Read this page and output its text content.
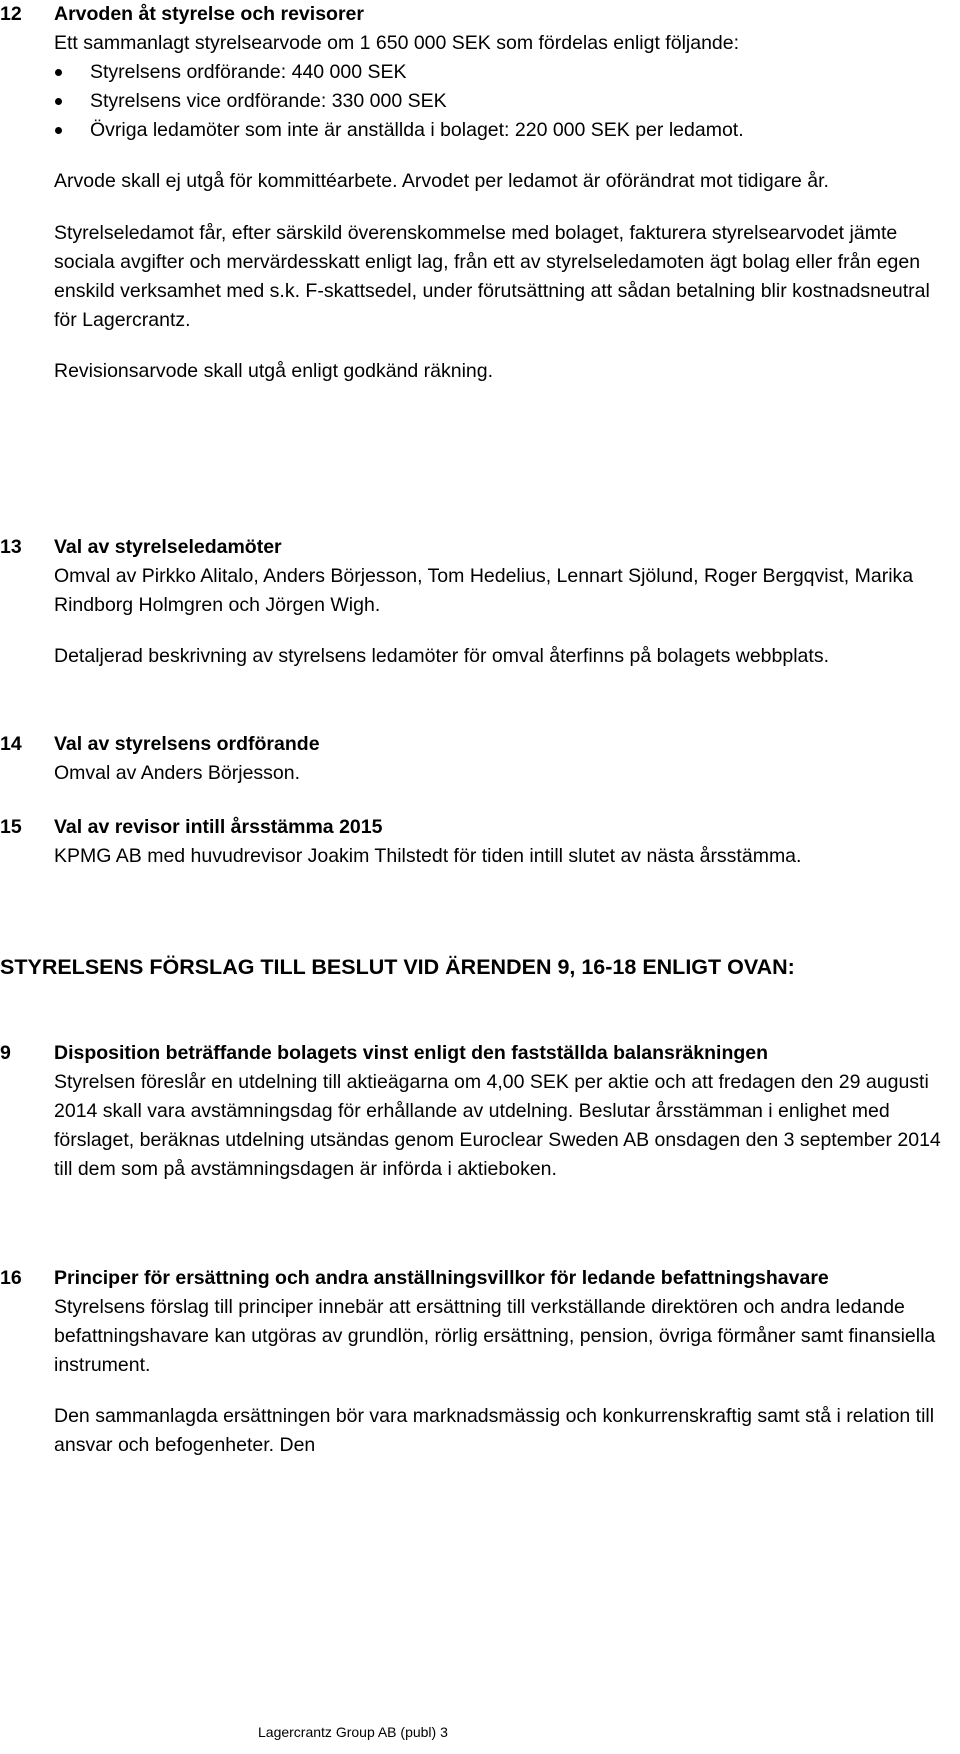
12 Arvoden åt styrelse och revisorer

Ett sammanlagt styrelsearvode om 1 650 000 SEK som fördelas enligt följande:

Styrelsens ordförande: 440 000 SEK
Styrelsens vice ordförande: 330 000 SEK
Övriga ledamöter som inte är anställda i bolaget: 220 000 SEK per ledamot.

Arvode skall ej utgå för kommittéarbete. Arvodet per ledamot är oförändrat mot tidigare år.

Styrelseledamot får, efter särskild överenskommelse med bolaget, fakturera styrelsearvodet jämte sociala avgifter och mervärdesskatt enligt lag, från ett av styrelseledamoten ägt bolag eller från egen enskild verksamhet med s.k. F-skattsedel, under förutsättning att sådan betalning blir kostnadsneutral för Lagercrantz.

Revisionsarvode skall utgå enligt godkänd räkning.

13 Val av styrelseledamöter

Omval av Pirkko Alitalo, Anders Börjesson, Tom Hedelius, Lennart Sjölund, Roger Bergqvist, Marika Rindborg Holmgren och Jörgen Wigh.

Detaljerad beskrivning av styrelsens ledamöter för omval återfinns på bolagets webbplats.

14 Val av styrelsens ordförande

Omval av Anders Börjesson.

15 Val av revisor intill årsstämma 2015

KPMG AB med huvudrevisor Joakim Thilstedt för tiden intill slutet av nästa årsstämma.

STYRELSENS FÖRSLAG TILL BESLUT VID ÄRENDEN 9, 16-18 ENLIGT OVAN:
9 Disposition beträffande bolagets vinst enligt den fastställda balansräkningen

Styrelsen föreslår en utdelning till aktieägarna om 4,00 SEK per aktie och att fredagen den 29 augusti 2014 skall vara avstämningsdag för erhållande av utdelning. Beslutar årsstämman i enlighet med förslaget, beräknas utdelning utsändas genom Euroclear Sweden AB onsdagen den 3 september 2014 till dem som på avstämningsdagen är införda i aktieboken.

16 Principer för ersättning och andra anställningsvillkor för ledande befattningshavare

Styrelsens förslag till principer innebär att ersättning till verkställande direktören och andra ledande befattningshavare kan utgöras av grundlön, rörlig ersättning, pension, övriga förmåner samt finansiella instrument.

Den sammanlagda ersättningen bör vara marknadsmässig och konkurrenskraftig samt stå i relation till ansvar och befogenheter. Den

Lagercrantz Group AB (publ) 3
